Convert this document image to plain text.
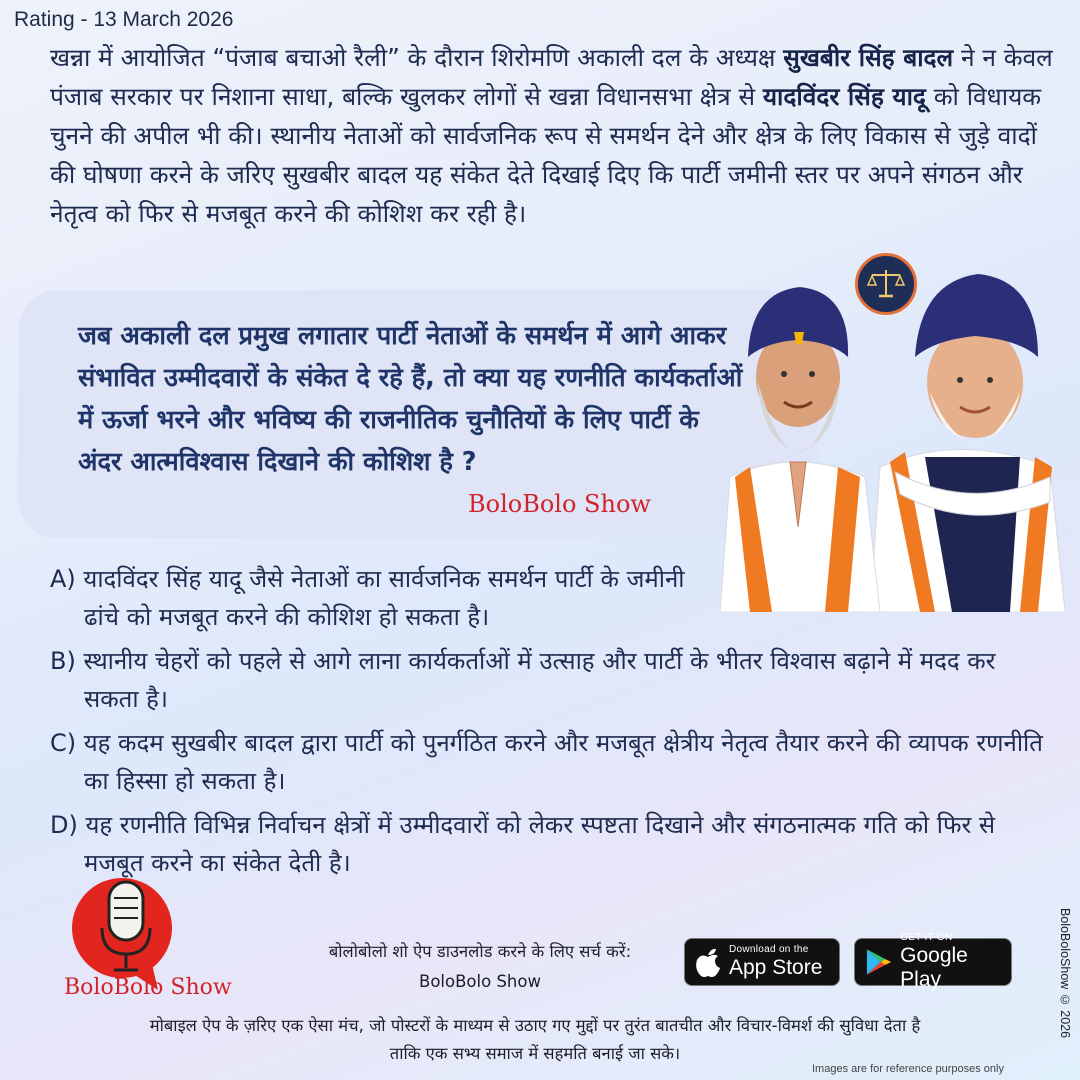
Rating - 13 March 2026

खन्ना में आयोजित “पंजाब बचाओ रैली” के दौरान शिरोमणि अकाली दल के अध्यक्ष सुखबीर सिंह बादल ने न केवल पंजाब सरकार पर निशाना साधा, बल्कि खुलकर लोगों से खन्ना विधानसभा क्षेत्र से यादविंदर सिंह यादू को विधायक चुनने की अपील भी की। स्थानीय नेताओं को सार्वजनिक रूप से समर्थन देने और क्षेत्र के लिए विकास से जुड़े वादों की घोषणा करने के जरिए सुखबीर बादल यह संकेत देते दिखाई दिए कि पार्टी जमीनी स्तर पर अपने संगठन और नेतृत्व को फिर से मजबूत करने की कोशिश कर रही है।

जब अकाली दल प्रमुख लगातार पार्टी नेताओं के समर्थन में आगे आकर संभावित उम्मीदवारों के संकेत दे रहे हैं, तो क्या यह रणनीति कार्यकर्ताओं में ऊर्जा भरने और भविष्य की राजनीतिक चुनौतियों के लिए पार्टी के अंदर आत्मविश्वास दिखाने की कोशिश है ?
BoloBolo Show

A) यादविंदर सिंह यादू जैसे नेताओं का सार्वजनिक समर्थन पार्टी के जमीनी ढांचे को मजबूत करने की कोशिश हो सकता है।

B) स्थानीय चेहरों को पहले से आगे लाना कार्यकर्ताओं में उत्साह और पार्टी के भीतर विश्वास बढ़ाने में मदद कर सकता है।

C) यह कदम सुखबीर बादल द्वारा पार्टी को पुनर्गठित करने और मजबूत क्षेत्रीय नेतृत्व तैयार करने की व्यापक रणनीति का हिस्सा हो सकता है।

D) यह रणनीति विभिन्न निर्वाचन क्षेत्रों में उम्मीदवारों को लेकर स्पष्टता दिखाने और संगठनात्मक गति को फिर से मजबूत करने का संकेत देती है।

BoloBolo Show
बोलोबोलो शो ऐप डाउनलोड करने के लिए सर्च करें:
BoloBolo Show
Download on the
App Store
GET IT ON
Google Play
मोबाइल ऐप के ज़रिए एक ऐसा मंच, जो पोस्टरों के माध्यम से उठाए गए मुद्दों पर तुरंत बातचीत और विचार-विमर्श की सुविधा देता है
ताकि एक सभ्य समाज में सहमति बनाई जा सके।
BoloBoloShow © 2026
Images are for reference purposes only
